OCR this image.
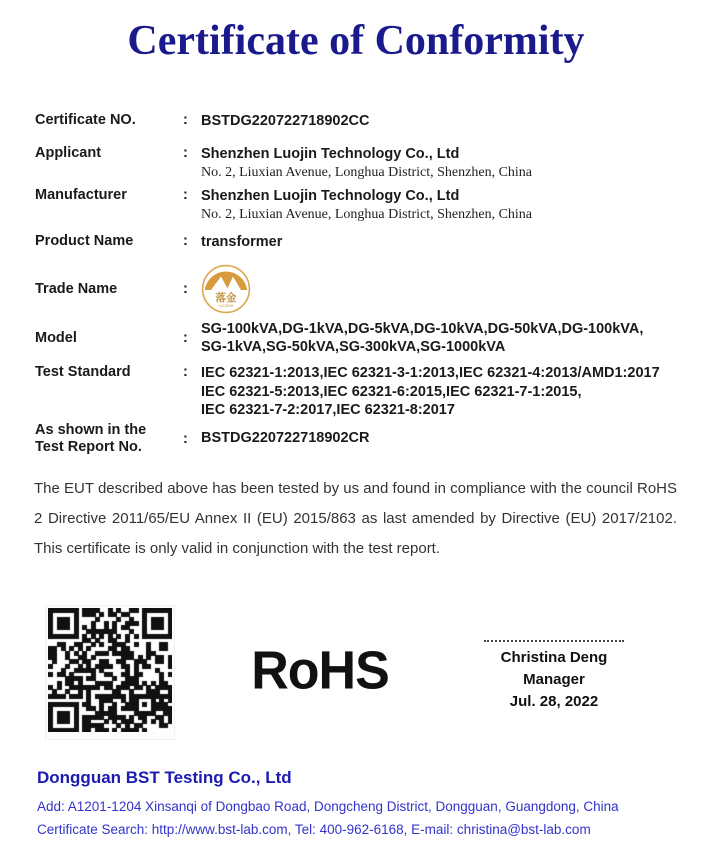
Certificate of Conformity
Certificate NO.	: BSTDG220722718902CC
Applicant	: Shenzhen Luojin Technology Co., Ltd
No. 2, Liuxian Avenue, Longhua District, Shenzhen, China
Manufacturer	: Shenzhen Luojin Technology Co., Ltd
No. 2, Liuxian Avenue, Longhua District, Shenzhen, China
Product Name	: transformer
Trade Name	:
落金
LUOJING
Model	:
SG-100kVA,DG-1kVA,DG-5kVA,DG-10kVA,DG-50kVA,DG-100kVA,
SG-1kVA,SG-50kVA,SG-300kVA,SG-1000kVA
Test Standard	: IEC 62321-1:2013,IEC 62321-3-1:2013,IEC 62321-4:2013/AMD1:2017
IEC 62321-5:2013,IEC 62321-6:2015,IEC 62321-7-1:2015,
IEC 62321-7-2:2017,IEC 62321-8:2017
As shown in the
Test Report No.	: BSTDG220722718902CR
The EUT described above has been tested by us and found in compliance with the council RoHS 2 Directive 2011/65/EU Annex II (EU) 2015/863 as last amended by Directive (EU) 2017/2102. This certificate is only valid in conjunction with the test report.
RoHS	Christina Deng
Manager
Jul. 28, 2022
Dongguan BST Testing Co., Ltd
Add: A1201-1204 Xinsanqi of Dongbao Road, Dongcheng District, Dongguan, Guangdong, China
Certificate Search: http://www.bst-lab.com, Tel: 400-962-6168, E-mail: christina@bst-lab.com
